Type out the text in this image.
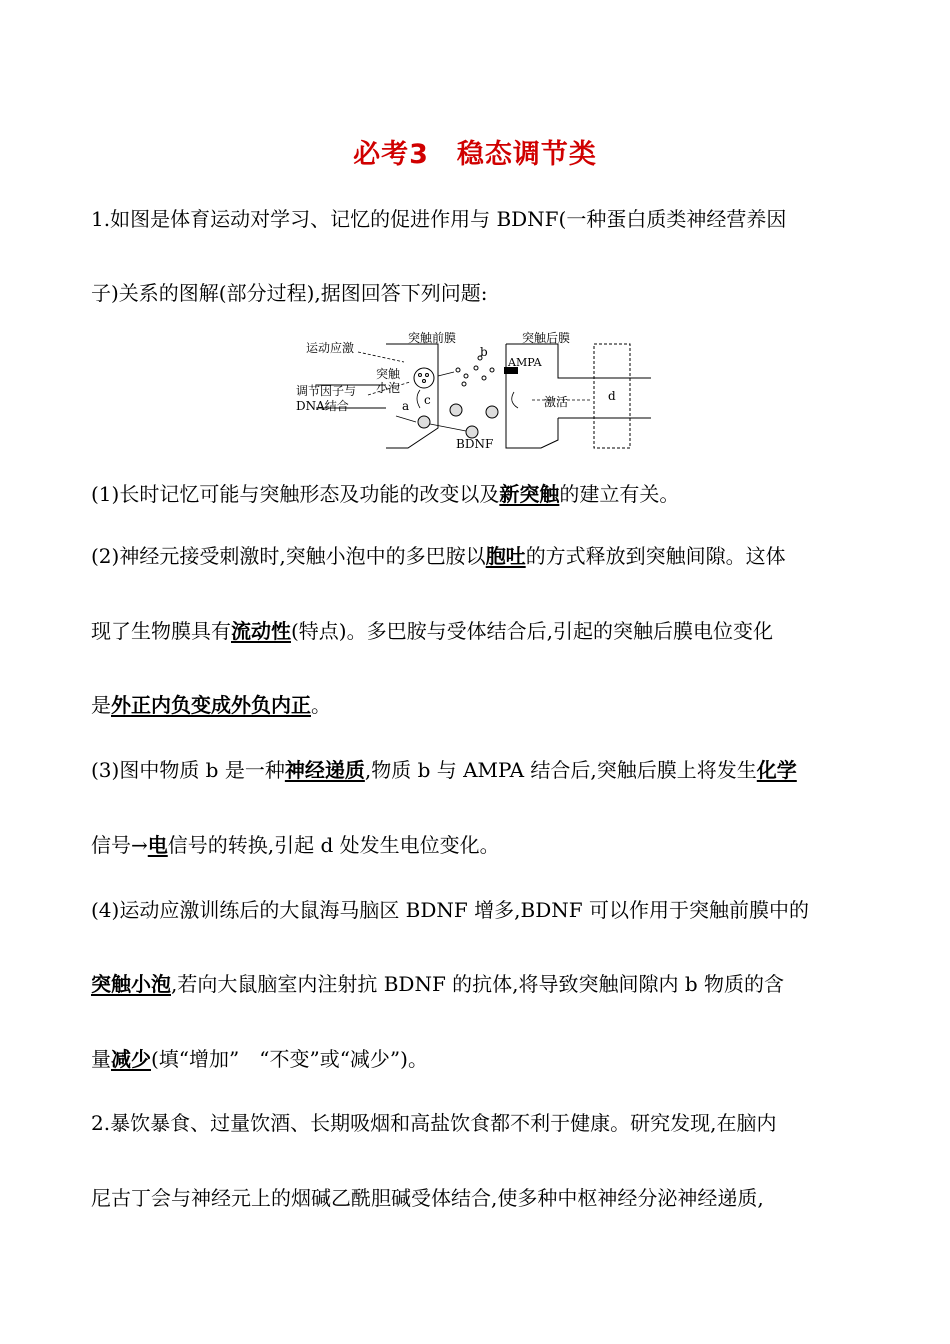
必考3　稳态调节类
1.如图是体育运动对学习、记忆的促进作用与 BDNF(一种蛋白质类神经营养因
子)关系的图解(部分过程),据图回答下列问题:
运动应激
调节因子与
DNA结合
突触前膜	突触后膜
突触
小泡
a
b
c	d
AMPA
激活
BDNF
(1)长时记忆可能与突触形态及功能的改变以及新突触的建立有关。
(2)神经元接受刺激时,突触小泡中的多巴胺以胞吐的方式释放到突触间隙。这体
现了生物膜具有流动性(特点)。多巴胺与受体结合后,引起的突触后膜电位变化
是外正内负变成外负内正。
(3)图中物质 b 是一种神经递质,物质 b 与 AMPA 结合后,突触后膜上将发生化学
信号→电信号的转换,引起 d 处发生电位变化。
(4)运动应激训练后的大鼠海马脑区 BDNF 增多,BDNF 可以作用于突触前膜中的
突触小泡,若向大鼠脑室内注射抗 BDNF 的抗体,将导致突触间隙内 b 物质的含
量减少(填“增加”　“不变”或“减少”)。
2.暴饮暴食、过量饮酒、长期吸烟和高盐饮食都不利于健康。研究发现,在脑内
尼古丁会与神经元上的烟碱乙酰胆碱受体结合,使多种中枢神经分泌神经递质,
